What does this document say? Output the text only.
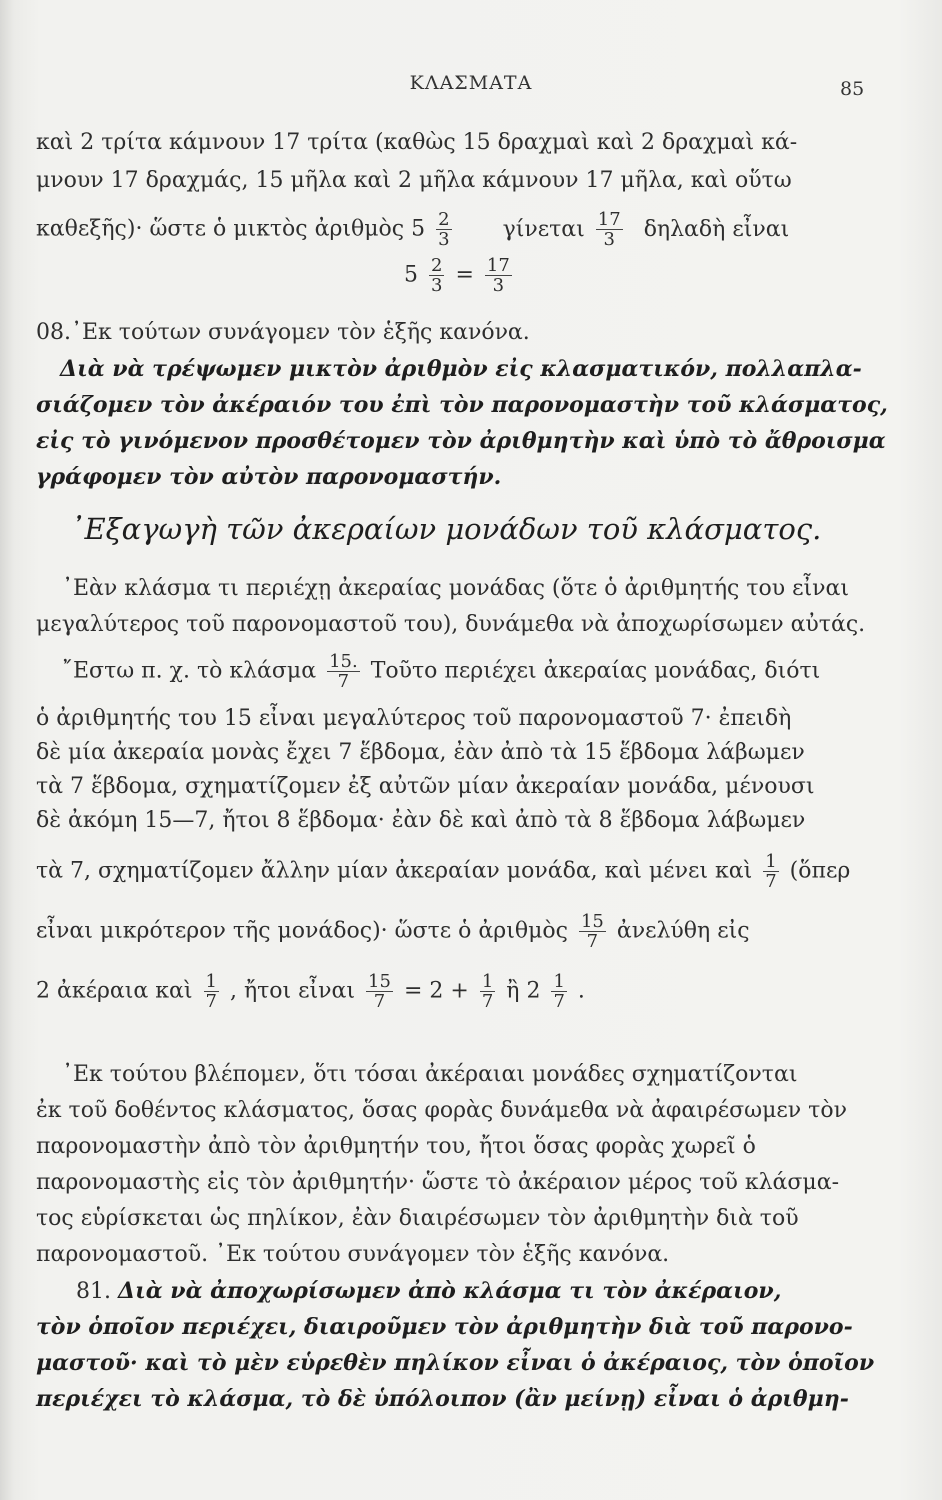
ΚΛΑΣΜΑΤΑ	85
καὶ 2 τρίτα κάμνουν 17 τρίτα (καθὼς 15 δραχμαὶ καὶ 2 δραχμαὶ κά-
μνουν 17 δραχμάς, 15 μῆλα καὶ 2 μῆλα κάμνουν 17 μῆλα, καὶ οὕτω
καθεξῆς)· ὥστε ὁ μικτὸς ἀριθμὸς $5 \frac{2}{3}$ γίνεται $\frac{17}{3}$ δηλαδὴ εἶναι
$5 \frac{2}{3} = \frac{17}{3}$
08.᾿Εκ τούτων συνάγομεν τὸν ἑξῆς κανόνα.
Διὰ νὰ τρέψωμεν μικτὸν ἀριθμὸν εἰς κλασματικόν, πολλαπλα-
σιάζομεν τὸν ἀκέραιόν του ἐπὶ τὸν παρονομαστὴν τοῦ κλάσματος,
εἰς τὸ γινόμενον προσθέτομεν τὸν ἀριθμητὴν καὶ ὑπὸ τὸ ἄθροισμα
γράφομεν τὸν αὐτὸν παρονομαστήν.
᾿Εξαγωγὴ τῶν ἀκεραίων μονάδων τοῦ κλάσματος.
᾿Εὰν κλάσμα τι περιέχῃ ἀκεραίας μονάδας (ὅτε ὁ ἀριθμητής του εἶναι
μεγαλύτερος τοῦ παρονομαστοῦ του), δυνάμεθα νὰ ἀποχωρίσωμεν αὐτάς.
῎Εστω π. χ. τὸ κλάσμα $\frac{15.}{7}$ Τοῦτο περιέχει ἀκεραίας μονάδας, διότι
ὁ ἀριθμητής του 15 εἶναι μεγαλύτερος τοῦ παρονομαστοῦ 7· ἐπειδὴ
δὲ μία ἀκεραία μονὰς ἔχει 7 ἕβδομα, ἐὰν ἀπὸ τὰ 15 ἕβδομα λάβωμεν
τὰ 7 ἕβδομα, σχηματίζομεν ἐξ αὐτῶν μίαν ἀκεραίαν μονάδα, μένουσι
δὲ ἀκόμη 15—7, ἤτοι 8 ἕβδομα· ἐὰν δὲ καὶ ἀπὸ τὰ 8 ἕβδομα λάβωμεν
τὰ 7, σχηματίζομεν ἄλλην μίαν ἀκεραίαν μονάδα, καὶ μένει καὶ $\frac{1}{7}$ (ὅπερ
εἶναι μικρότερον τῆς μονάδος)· ὥστε ὁ ἀριθμὸς $\frac{15}{7}$ ἀνελύθη εἰς
2 ἀκέραια καὶ $\frac{1}{7}$ , ἤτοι εἶναι $\frac{15}{7} = 2 + \frac{1}{7}$ ἢ $2 \frac{1}{7}$ .
᾿Εκ τούτου βλέπομεν, ὅτι τόσαι ἀκέραιαι μονάδες σχηματίζονται
ἐκ τοῦ δοθέντος κλάσματος, ὅσας φορὰς δυνάμεθα νὰ ἀφαιρέσωμεν τὸν
παρονομαστὴν ἀπὸ τὸν ἀριθμητήν του, ἤτοι ὅσας φορὰς χωρεῖ ὁ
παρονομαστὴς εἰς τὸν ἀριθμητήν· ὥστε τὸ ἀκέραιον μέρος τοῦ κλάσμα-
τος εὑρίσκεται ὡς πηλίκον, ἐὰν διαιρέσωμεν τὸν ἀριθμητὴν διὰ τοῦ
παρονομαστοῦ. ᾿Εκ τούτου συνάγομεν τὸν ἑξῆς κανόνα.
81. Διὰ νὰ ἀποχωρίσωμεν ἀπὸ κλάσμα τι τὸν ἀκέραιον,
τὸν ὁποῖον περιέχει, διαιροῦμεν τὸν ἀριθμητὴν διὰ τοῦ παρονο-
μαστοῦ· καὶ τὸ μὲν εὑρεθὲν πηλίκον εἶναι ὁ ἀκέραιος, τὸν ὁποῖον
περιέχει τὸ κλάσμα, τὸ δὲ ὑπόλοιπον (ἂν μείνῃ) εἶναι ὁ ἀριθμη-
